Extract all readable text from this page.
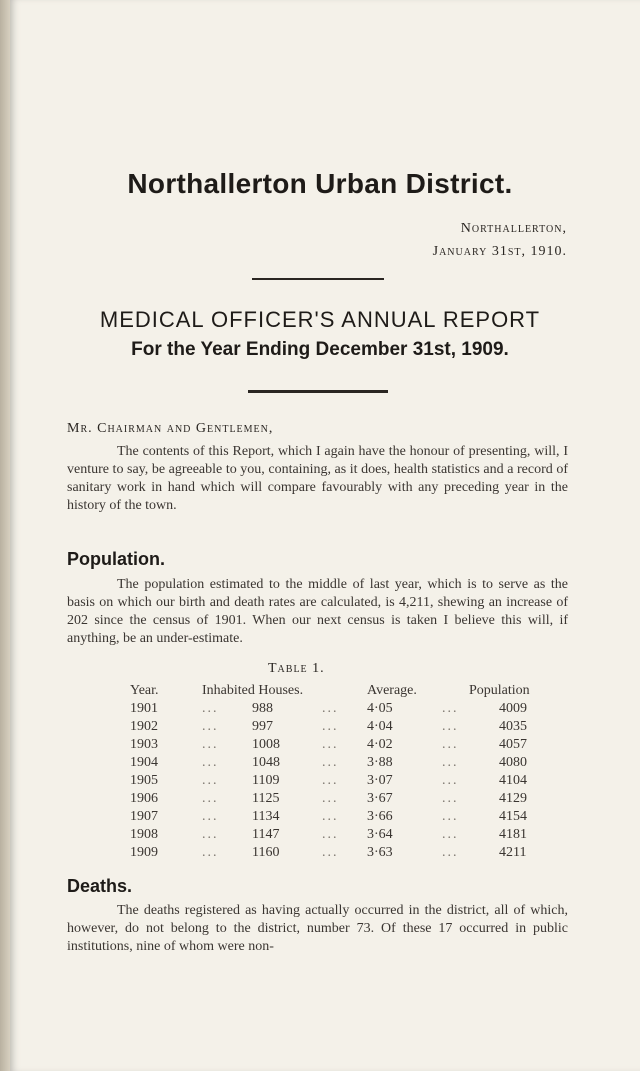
Northallerton Urban District.
Northallerton,
January 31st, 1910.
MEDICAL OFFICER'S ANNUAL REPORT
For the Year Ending December 31st, 1909.
Mr. Chairman and Gentlemen,
The contents of this Report, which I again have the honour of presenting, will, I venture to say, be agreeable to you, containing, as it does, health statistics and a record of sanitary work in hand which will compare favourably with any preceding year in the history of the town.
Population.
The population estimated to the middle of last year, which is to serve as the basis on which our birth and death rates are calculated, is 4,211, shewing an increase of 202 since the census of 1901. When our next census is taken I believe this will, if anything, be an under-estimate.
Table 1.
Year.	Inhabited Houses.	Average.	Population
1901	... 988	... 4·05	...	4009
1902	... 997	... 4·04	...	4035
1903	... 1008	... 4·02	...	4057
1904	... 1048	... 3·88	...	4080
1905	... 1109	... 3·07	...	4104
1906	... 1125	... 3·67	...	4129
1907	... 1134	... 3·66	...	4154
1908	... 1147	... 3·64	...	4181
1909	... 1160	... 3·63	...	4211
Deaths.
The deaths registered as having actually occurred in the district, all of which, however, do not belong to the district, number 73. Of these 17 occurred in public institutions, nine of whom were non-
